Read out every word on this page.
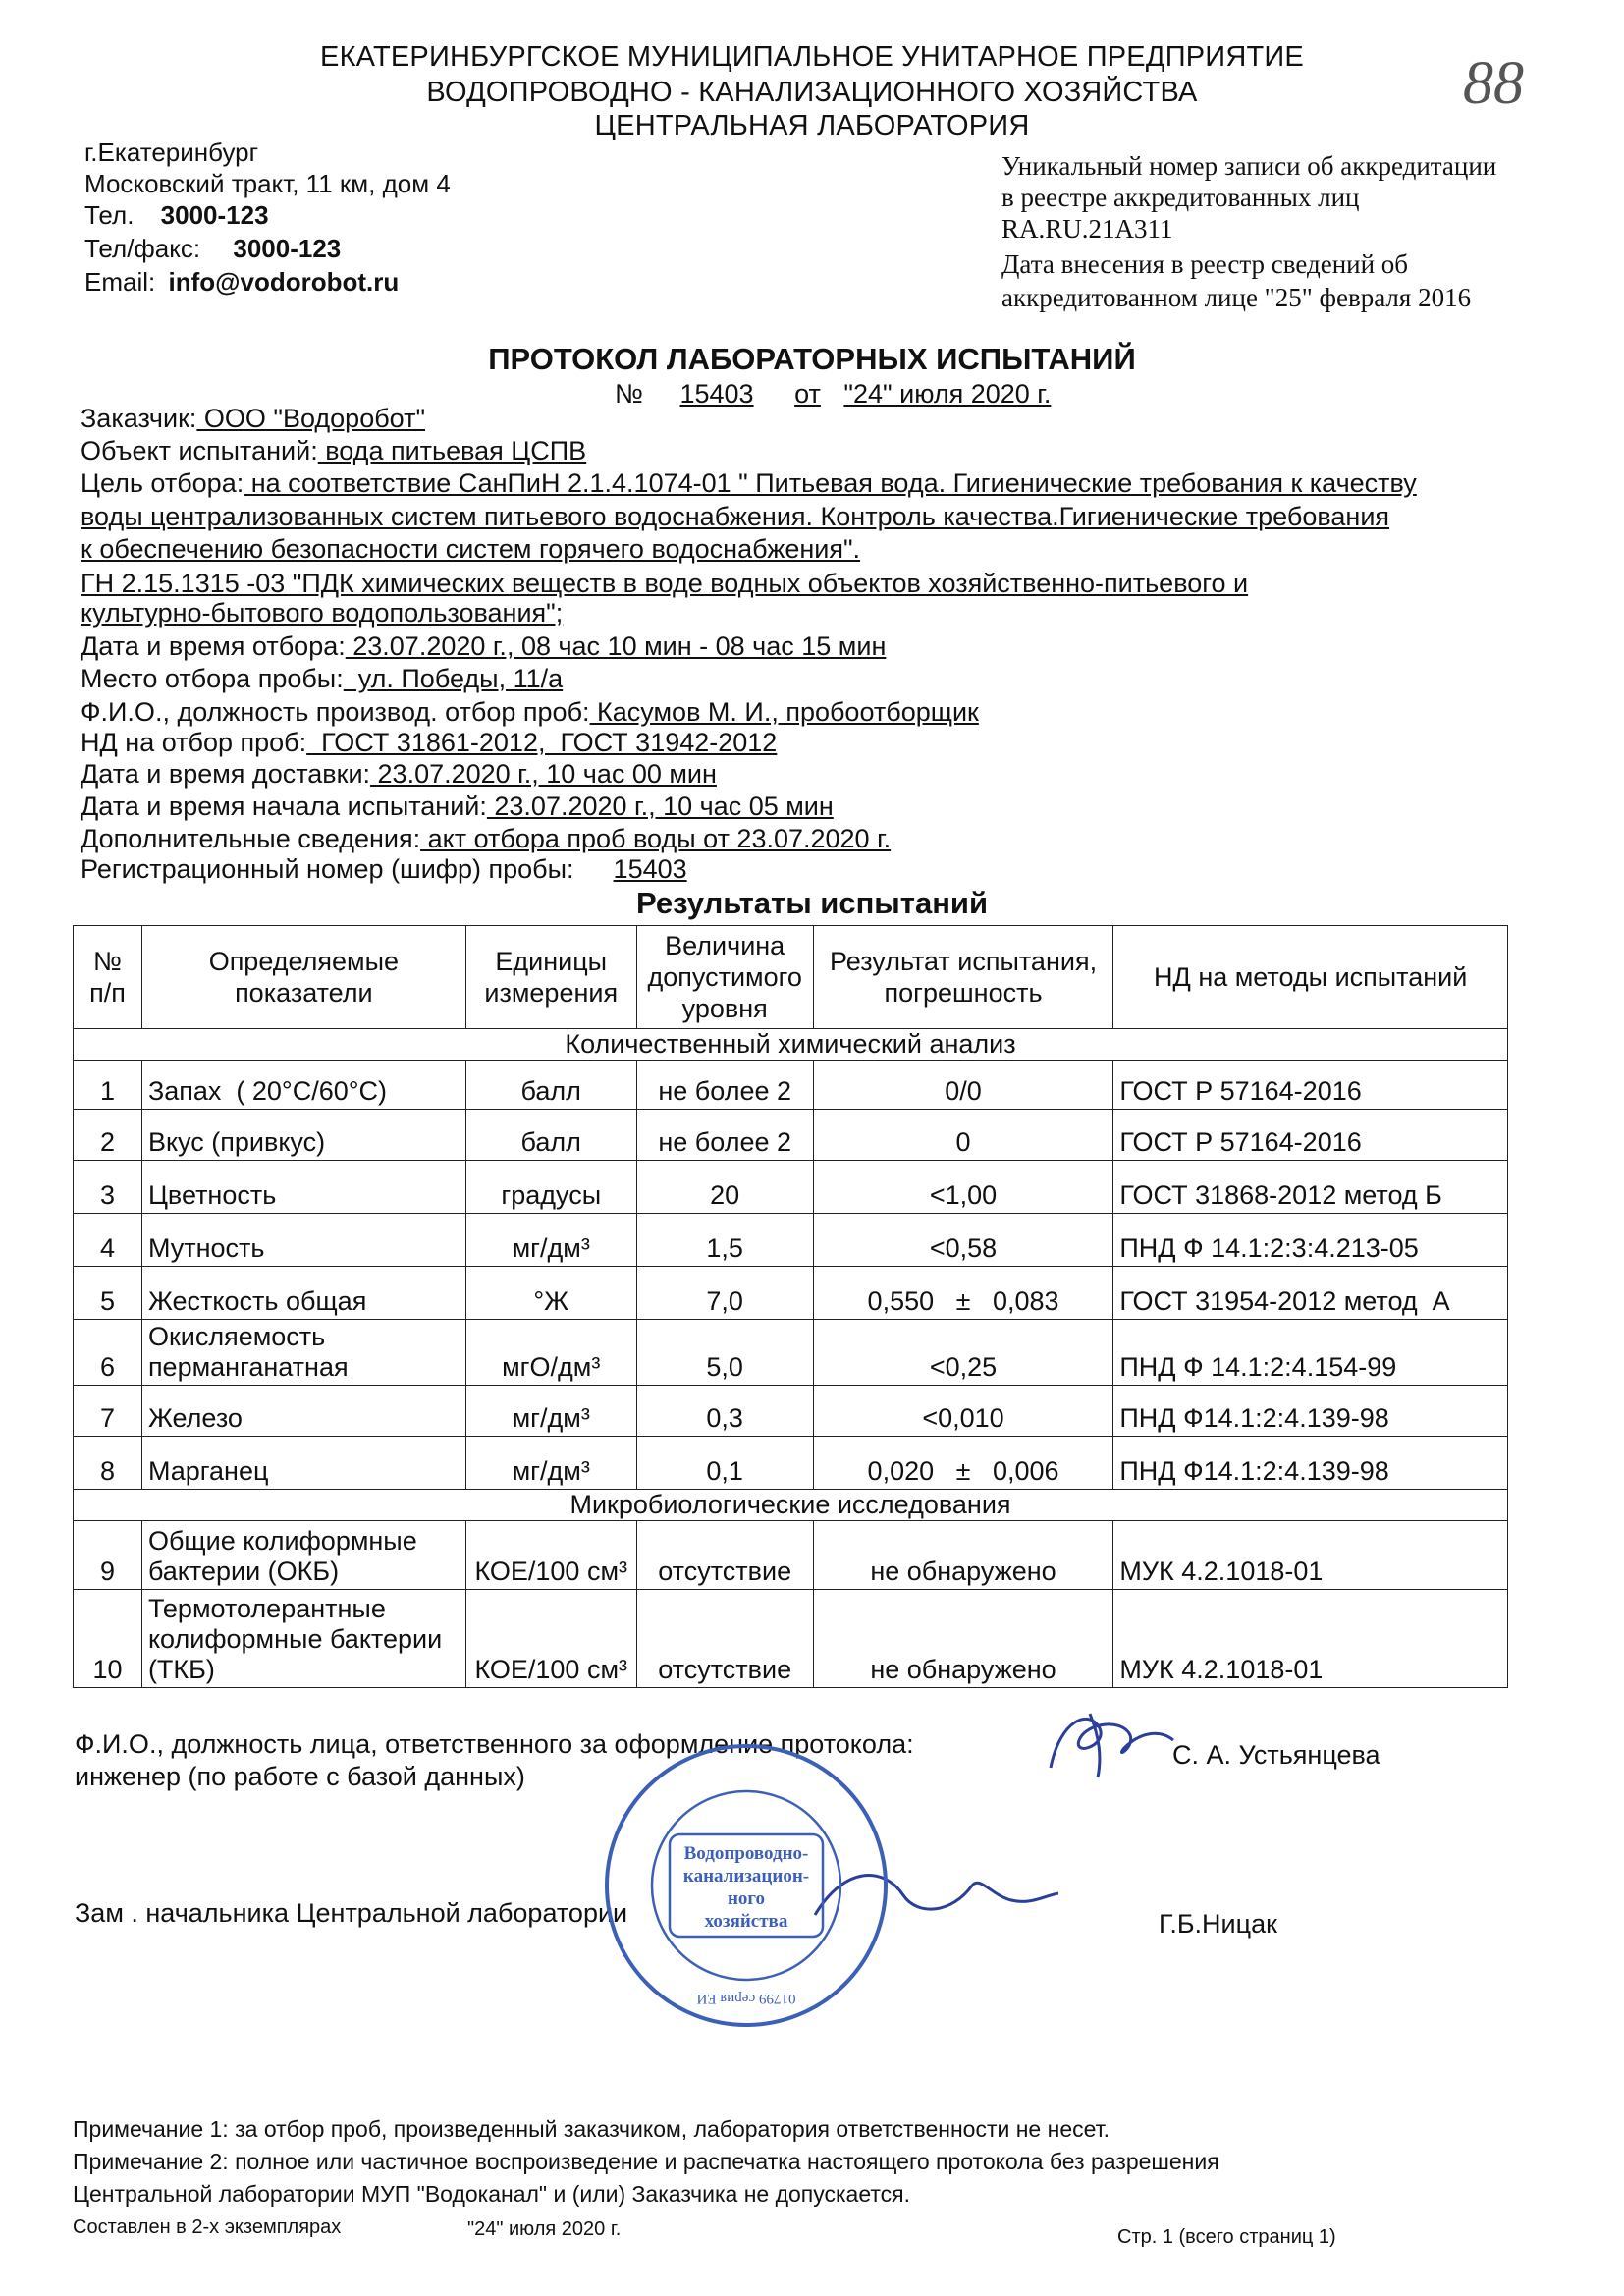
ЕКАТЕРИНБУРГСКОЕ МУНИЦИПАЛЬНОЕ УНИТАРНОЕ ПРЕДПРИЯТИЕ
ВОДОПРОВОДНО - КАНАЛИЗАЦИОННОГО ХОЗЯЙСТВА
ЦЕНТРАЛЬНАЯ ЛАБОРАТОРИЯ
88
г.Екатеринбург
Московский тракт, 11 км, дом 4
Тел. 3000-123
Тел/факс: 3000-123
Email: info@vodorobot.ru
Уникальный номер записи об аккредитации
в реестре аккредитованных лиц
RA.RU.21A311
Дата внесения в реестр сведений об
аккредитованном лице "25" февраля 2016
ПРОТОКОЛ ЛАБОРАТОРНЫХ ИСПЫТАНИЙ
№ 15403 от "24" июля 2020 г.
Заказчик: ООО "Водоробот"
Объект испытаний: вода питьевая ЦСПВ
Цель отбора: на соответствие СанПиН 2.1.4.1074-01 " Питьевая вода. Гигиенические требования к качеству
воды централизованных систем питьевого водоснабжения. Контроль качества.Гигиенические требования
к обеспечению безопасности систем горячего водоснабжения".
ГН 2.15.1315 -03 "ПДК химических веществ в воде водных объектов хозяйственно-питьевого и
культурно-бытового водопользования";
Дата и время отбора: 23.07.2020 г., 08 час 10 мин - 08 час 15 мин
Место отбора пробы:  ул. Победы, 11/а
Ф.И.О., должность производ. отбор проб: Касумов М. И., пробоотборщик
НД на отбор проб:  ГОСТ 31861-2012,  ГОСТ 31942-2012
Дата и время доставки: 23.07.2020 г., 10 час 00 мин
Дата и время начала испытаний: 23.07.2020 г., 10 час 05 мин
Дополнительные сведения: акт отбора проб воды от 23.07.2020 г.
Регистрационный номер (шифр) пробы: 15403
Результаты испытаний
№ п/п	Определяемые показатели	Единицы измерения	Величина допустимого уровня	Результат испытания, погрешность	НД на методы испытаний
Количественный химический анализ					
1	Запах  ( 20°С/60°С)	балл	не более 2	0/0	ГОСТ Р 57164-2016
2	Вкус (привкус)	балл	не более 2	0	ГОСТ Р 57164-2016
3	Цветность	градусы	20	<1,00	ГОСТ 31868-2012 метод Б
4	Мутность	мг/дм³	1,5	<0,58	ПНД Ф 14.1:2:3:4.213-05
5	Жесткость общая	°Ж	7,0	0,550   ±   0,083	ГОСТ 31954-2012 метод  А
6	Окисляемость перманганатная	мгО/дм³	5,0	<0,25	ПНД Ф 14.1:2:4.154-99
7	Железо	мг/дм³	0,3	<0,010	ПНД Ф14.1:2:4.139-98
8	Марганец	мг/дм³	0,1	0,020   ±   0,006	ПНД Ф14.1:2:4.139-98
Микробиологические исследования					
9	Общие колиформные бактерии (ОКБ)	КОЕ/100 см³	отсутствие	не обнаружено	МУК 4.2.1018-01
10	Термотолерантные колиформные бактерии (ТКБ)	КОЕ/100 см³	отсутствие	не обнаружено	МУК 4.2.1018-01
Ф.И.О., должность лица, ответственного за оформление протокола:
инженер (по работе с базой данных)
С. А. Устьянцева
Зам . начальника Центральной лаборатории	Г.Б.Ницак
Водопроводно-
канализацион-
ного
хозяйства
01799 серия ЕИ
Примечание 1: за отбор проб, произведенный заказчиком, лаборатория ответственности не несет.
Примечание 2: полное или частичное воспроизведение и распечатка настоящего протокола без разрешения
Центральной лаборатории МУП "Водоканал" и (или) Заказчика не допускается.
Составлен в 2-х экземплярах	"24" июля 2020 г.	Стр. 1 (всего страниц 1)
